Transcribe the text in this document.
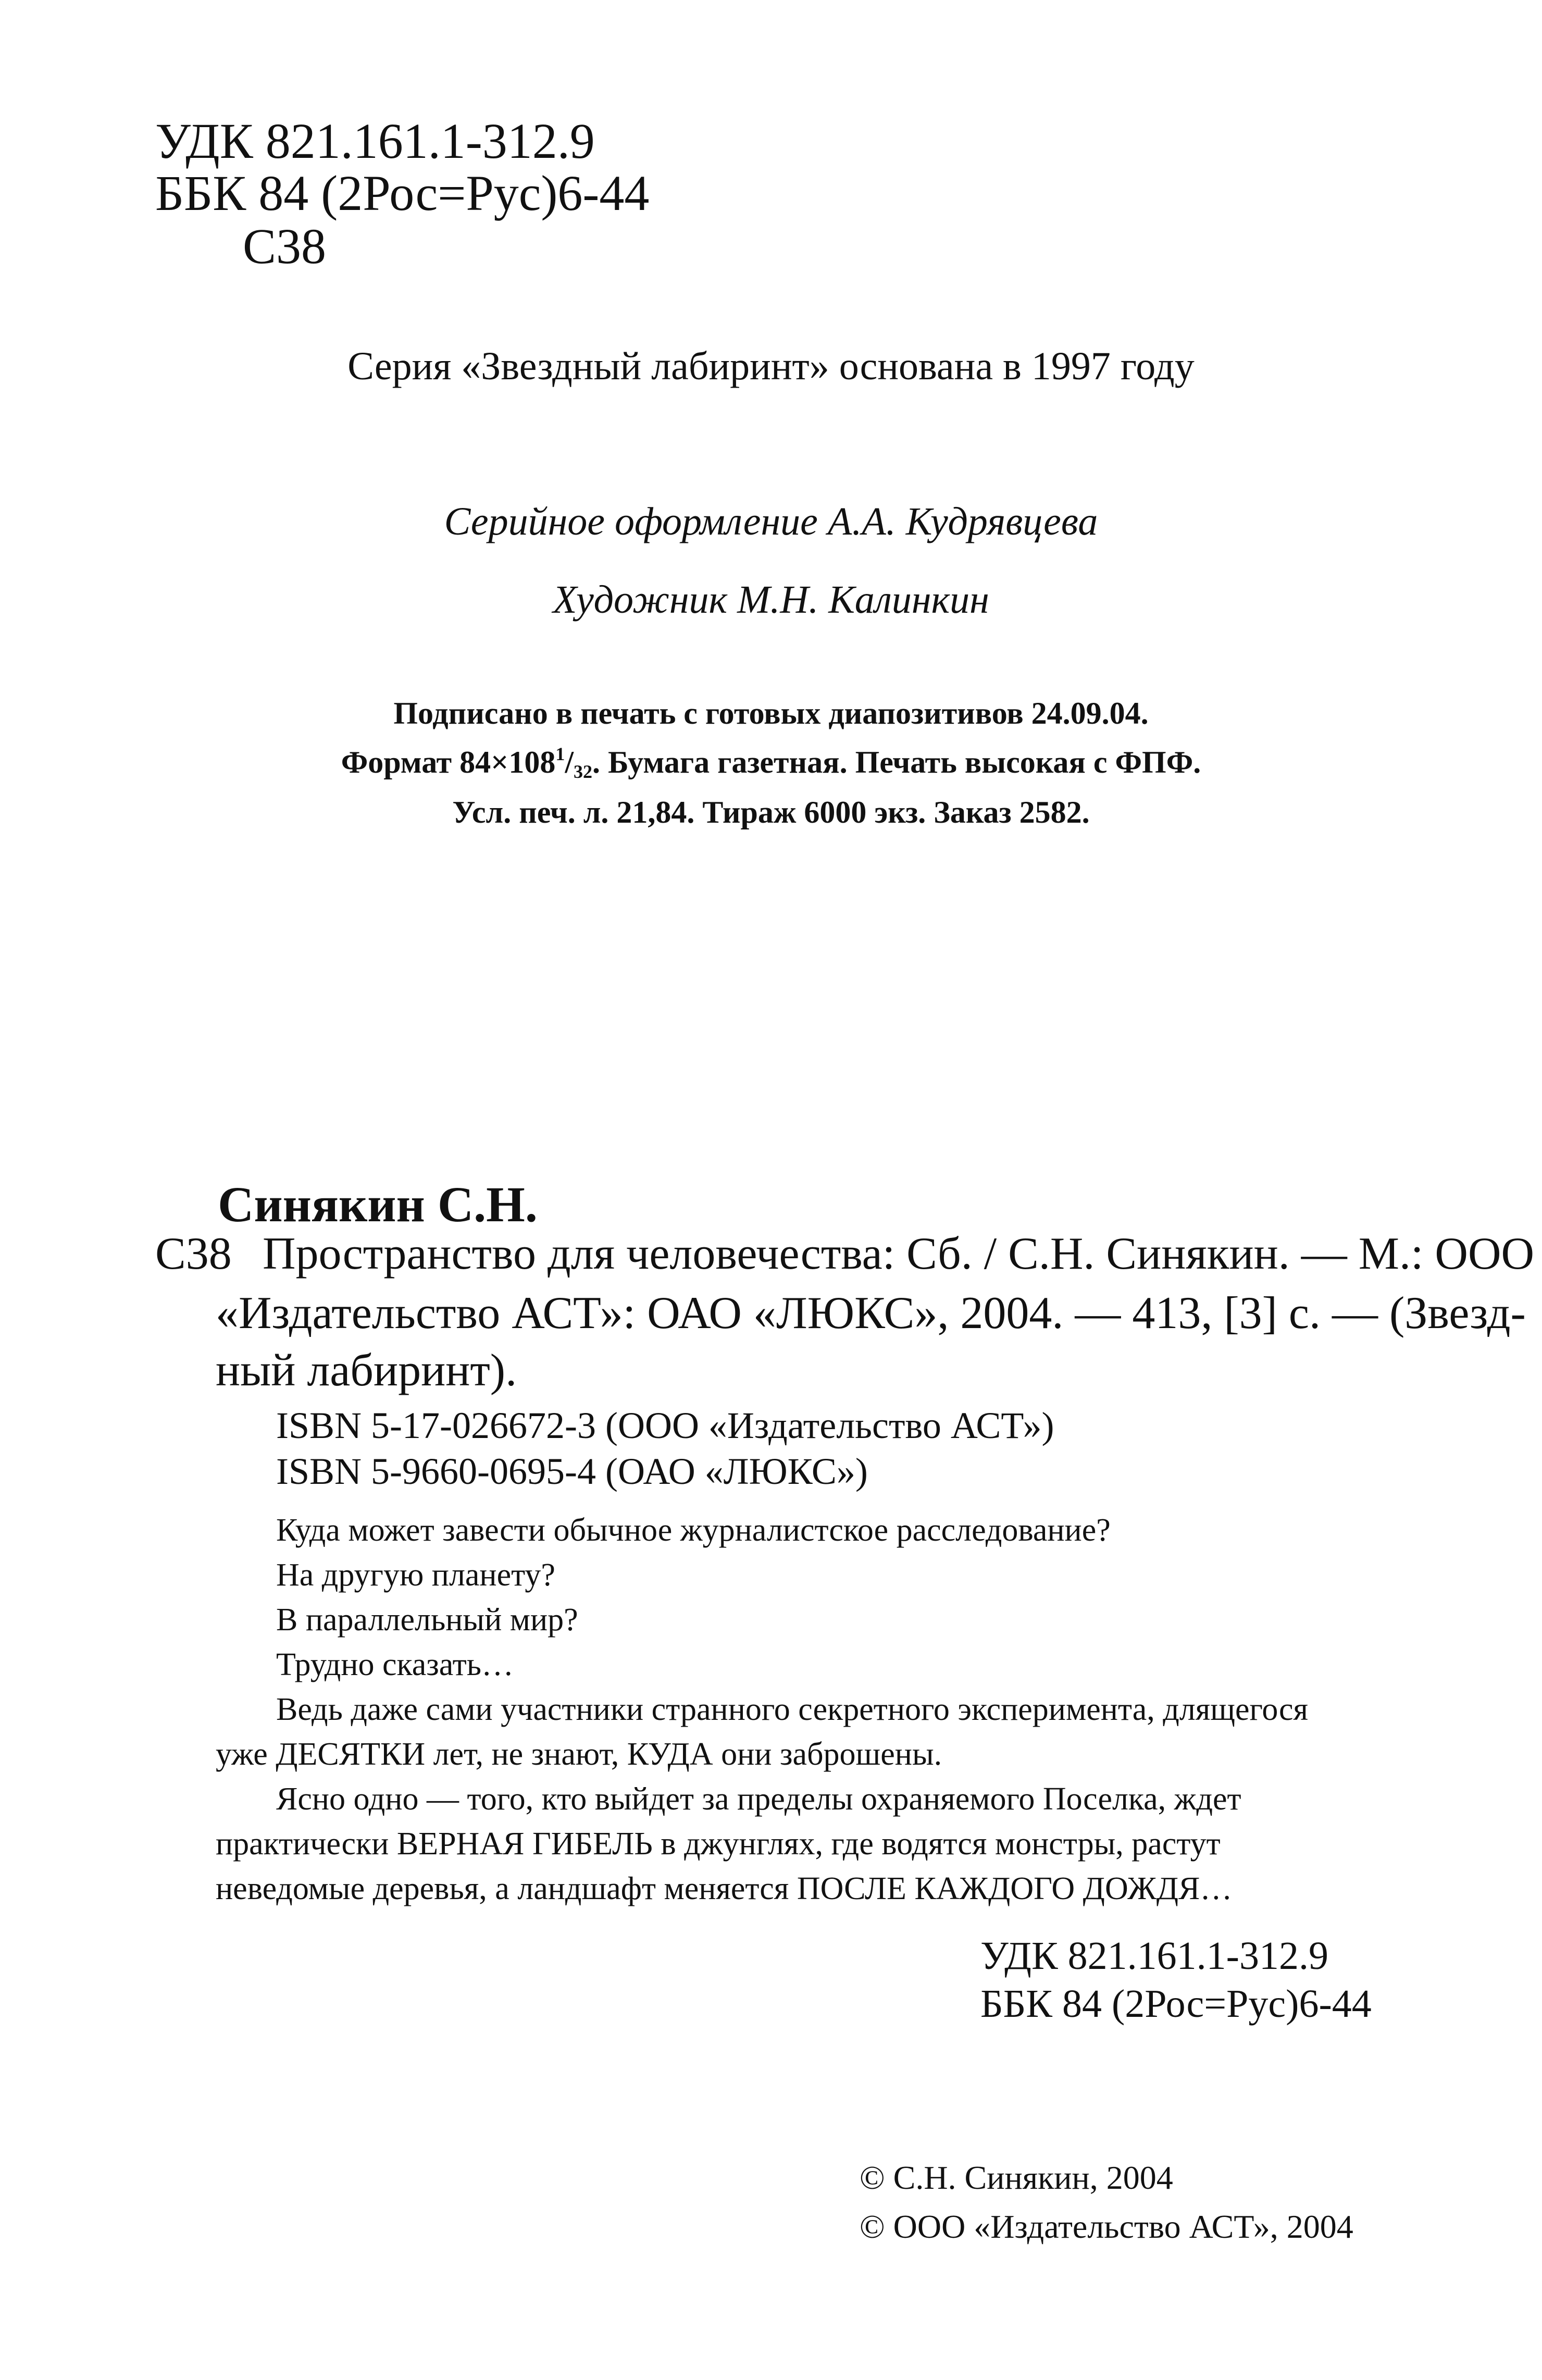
УДК 821.161.1-312.9
ББК 84 (2Рос=Рус)6-44
С38
Серия «Звездный лабиринт» основана в 1997 году
Серийное оформление А.А. Кудрявцева
Художник М.Н. Калинкин
Подписано в печать с готовых диапозитивов 24.09.04.
Формат $84\times 108^1/_{32}$. Бумага газетная. Печать высокая с ФПФ.
Усл. печ. л. 21,84. Тираж 6000 экз. Заказ 2582.
Синякин С.Н.
С38 Пространство для человечества: Сб. / С.Н. Синякин. — М.: ООО
«Издательство АСТ»: ОАО «ЛЮКС», 2004. — 413, [3] с. — (Звезд-
ный лабиринт).
ISBN 5-17-026672-3 (ООО «Издательство АСТ»)
ISBN 5-9660-0695-4 (ОАО «ЛЮКС»)
Куда может завести обычное журналистское расследование?
На другую планету?
В параллельный мир?
Трудно сказать…
Ведь даже сами участники странного секретного эксперимента, длящегося
уже ДЕСЯТКИ лет, не знают, КУДА они заброшены.
Ясно одно — того, кто выйдет за пределы охраняемого Поселка, ждет
практически ВЕРНАЯ ГИБЕЛЬ в джунглях, где водятся монстры, растут
неведомые деревья, а ландшафт меняется ПОСЛЕ КАЖДОГО ДОЖДЯ…
УДК 821.161.1-312.9
ББК 84 (2Рос=Рус)6-44
© С.Н. Синякин, 2004
© ООО «Издательство АСТ», 2004
